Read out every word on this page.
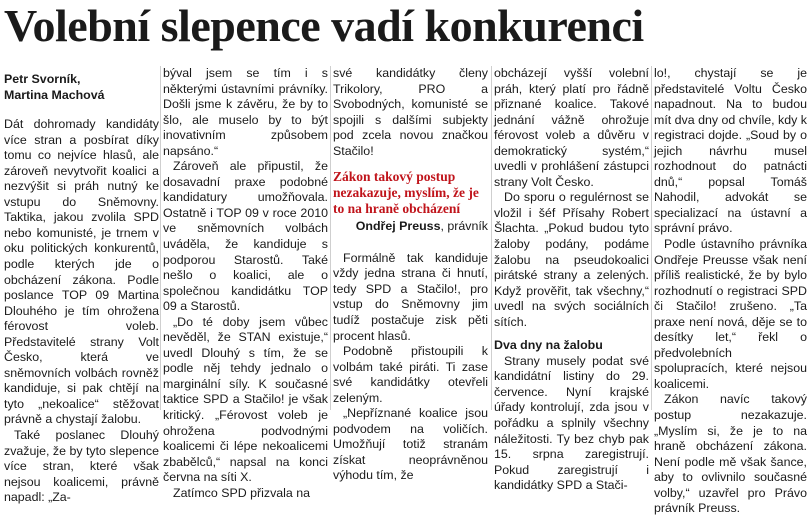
Volební slepence vadí konkurenci

Petr Svorník,
Martina Machová

Dát dohromady kandidáty více stran a posbírat díky tomu co nejvíce hlasů, ale zároveň nevytvořit koalici a nezvýšit si práh nutný ke vstupu do Sněmovny. Taktika, jakou zvolila SPD nebo komunisté, je trnem v oku politických konkurentů, podle kterých jde o obcházení zákona. Podle poslance TOP 09 Martina Dlouhého je tím ohrožena férovost voleb. Představitelé strany Volt Česko, která ve sněmovních volbách rovněž kandiduje, si pak chtějí na tyto „nekoalice“ stěžovat právně a chystají žalobu.

Také poslanec Dlouhý zvažuje, že by tyto slepence více stran, které však nejsou koalicemi, právně napadl: „Za-

býval jsem se tím i s některými ústavními právníky. Došli jsme k závěru, že by to šlo, ale muselo by to být inovativním způsobem napsáno.“

Zároveň ale připustil, že dosavadní praxe podobné kandidatury umožňovala. Ostatně i TOP 09 v roce 2010 ve sněmovních volbách uváděla, že kandiduje s podporou Starostů. Také nešlo o koalici, ale o společnou kandidátku TOP 09 a Starostů.

„Do té doby jsem vůbec nevěděl, že STAN existuje,“ uvedl Dlouhý s tím, že se podle něj tehdy jednalo o marginální síly. K současné taktice SPD a Stačilo! je však kritický. „Férovost voleb je ohrožena podvodnými koalicemi či lépe nekoalicemi zbabělců,“ napsal na konci června na síti X.

Zatímco SPD přizvala na

své kandidátky členy Trikolory, PRO a Svobodných, komunisté se spojili s dalšími subjekty pod zcela novou značkou Stačilo!

Zákon takový postup nezakazuje, myslím, že je to na hraně obcházení
Ondřej Preuss, právník

Formálně tak kandiduje vždy jedna strana či hnutí, tedy SPD a Stačilo!, pro vstup do Sněmovny jim tudíž postačuje zisk pěti procent hlasů.

Podobně přistoupili k volbám také piráti. Ti zase své kandidátky otevřeli zeleným.

„Nepříznané koalice jsou podvodem na voličích. Umožňují totiž stranám získat neoprávněnou výhodu tím, že

obcházejí vyšší volební práh, který platí pro řádně přiznané koalice. Takové jednání vážně ohrožuje férovost voleb a důvěru v demokratický systém,“ uvedli v prohlášení zástupci strany Volt Česko.

Do sporu o regulérnost se vložil i šéf Přísahy Robert Šlachta. „Pokud budou tyto žaloby podány, podáme žalobu na pseudokoalici pirátské strany a zelených. Když prověřit, tak všechny,“ uvedl na svých sociálních sítích.

Dva dny na žalobu

Strany musely podat své kandidátní listiny do 29. července. Nyní krajské úřady kontrolují, zda jsou v pořádku a splnily všechny náležitosti. Ty bez chyb pak 15. srpna zaregistrují. Pokud zaregistrují i kandidátky SPD a Stači-

lo!, chystají se je představitelé Voltu Česko napadnout. Na to budou mít dva dny od chvíle, kdy k registraci dojde. „Soud by o jejich návrhu musel rozhodnout do patnácti dnů,“ popsal Tomáš Nahodil, advokát se specializací na ústavní a správní právo.

Podle ústavního právníka Ondřeje Preusse však není příliš realistické, že by bylo rozhodnutí o registraci SPD či Stačilo! zrušeno. „Ta praxe není nová, děje se to desítky let,“ řekl o předvolebních spolupracích, které nejsou koalicemi.

Zákon navíc takový postup nezakazuje. „Myslím si, že je to na hraně obcházení zákona. Není podle mě však šance, aby to ovlivnilo současné volby,“ uzavřel pro Právo právník Preuss.
